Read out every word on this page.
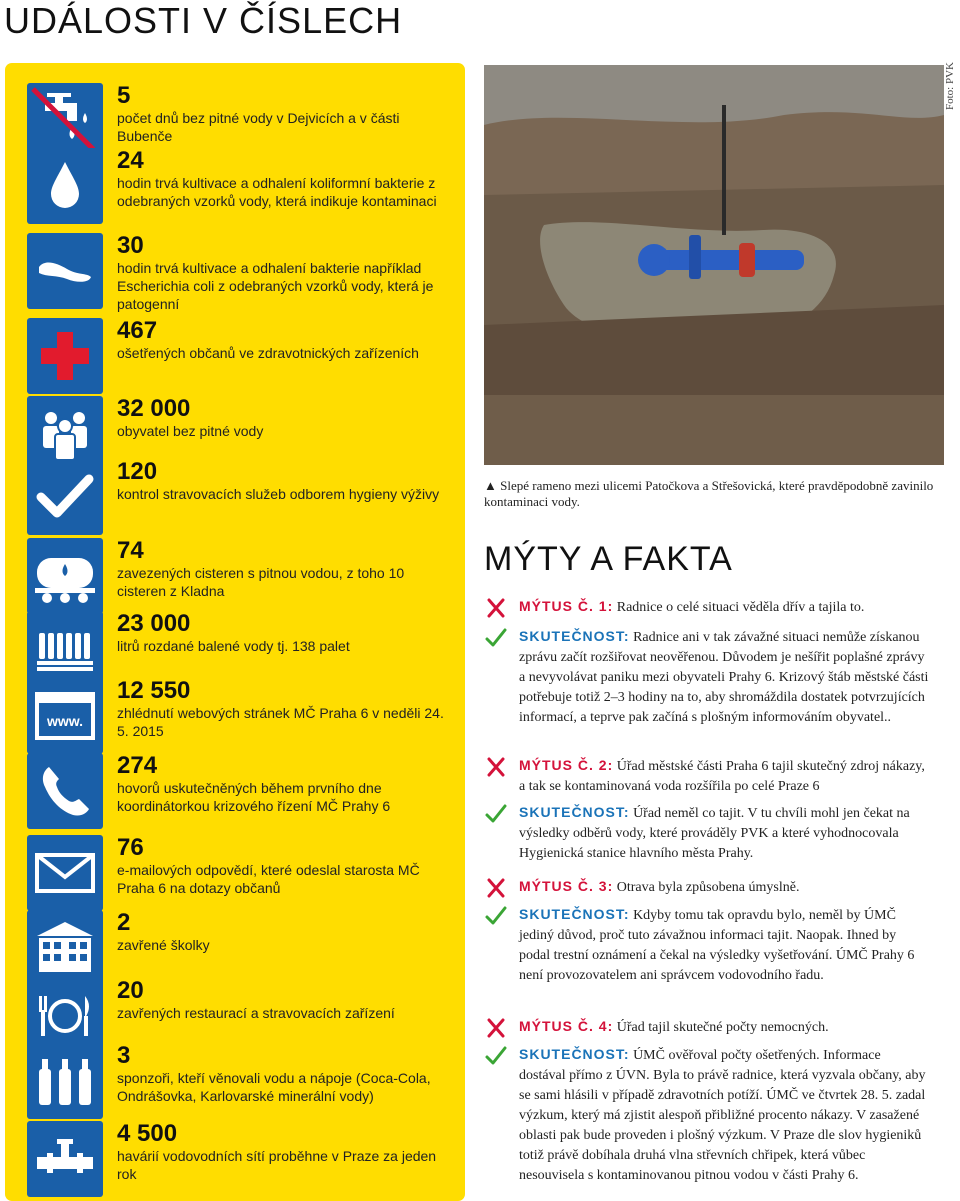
UDÁLOSTI V ČÍSLECH
5
počet dnů bez pitné vody v Dejvicích a v části Bubenče
24
hodin trvá kultivace a odhalení koliformní bakterie z odebraných vzorků vody, která indikuje kontaminaci
30
hodin trvá kultivace a odhalení bakterie například Escherichia coli z odebraných vzorků vody, která je patogenní
467
ošetřených občanů ve zdravotnických zařízeních
32 000
obyvatel bez pitné vody
120
kontrol stravovacích služeb odborem hygieny výživy
74
zavezených cisteren s pitnou vodou, z toho 10 cisteren z Kladna
23 000
litrů rozdané balené vody tj. 138 palet
www.
12 550
zhlédnutí webových stránek MČ Praha 6 v neděli 24. 5. 2015
274
hovorů uskutečněných během prvního dne koordinátorkou krizového řízení MČ Prahy 6
76
e-mailových odpovědí, které odeslal starosta MČ Praha 6 na dotazy občanů
2
zavřené školky
20
zavřených restaurací a stravovacích zařízení
3
sponzoři, kteří věnovali vodu a nápoje (Coca-Cola, Ondrášovka, Karlovarské minerální vody)
4 500
havárií vodovodních sítí proběhne v Praze za jeden rok
Foto: PVK
▲ Slepé rameno mezi ulicemi Patočkova a Střešovická, které pravděpodobně zavinilo kontaminaci vody.
MÝTY A FAKTA
MÝTUS Č. 1: Radnice o celé situaci věděla dřív a tajila to.
SKUTEČNOST: Radnice ani v tak závažné situaci nemůže získanou zprávu začít rozšiřovat neověřenou. Důvodem je nešířit poplašné zprávy a nevyvolávat paniku mezi obyvateli Prahy 6. Krizový štáb městské části potřebuje totiž 2–3 hodiny na to, aby shromáždila dostatek potvrzujících informací, a teprve pak začíná s plošným informováním obyvatel..
MÝTUS Č. 2: Úřad městské části Praha 6 tajil skutečný zdroj nákazy, a tak se kontaminovaná voda rozšířila po celé Praze 6
SKUTEČNOST: Úřad neměl co tajit. V tu chvíli mohl jen čekat na výsledky odběrů vody, které prováděly PVK a které vyhodnocovala Hygienická stanice hlavního města Prahy.
MÝTUS Č. 3: Otrava byla způsobena úmyslně.
SKUTEČNOST: Kdyby tomu tak opravdu bylo, neměl by ÚMČ jediný důvod, proč tuto závažnou informaci tajit. Naopak. Ihned by podal trestní oznámení a čekal na výsledky vyšetřování. ÚMČ Prahy 6 není provozovatelem ani správcem vodovodního řadu.
MÝTUS Č. 4: Úřad tajil skutečné počty nemocných.
SKUTEČNOST: ÚMČ ověřoval počty ošetřených. Informace dostával přímo z ÚVN. Byla to právě radnice, která vyzvala občany, aby se sami hlásili v případě zdravotních potíží. ÚMČ ve čtvrtek 28. 5. zadal výzkum, který má zjistit alespoň přibližné procento nákazy. V zasažené oblasti pak bude proveden i plošný výzkum. V Praze dle slov hygieniků totiž právě dobíhala druhá vlna střevních chřipek, která vůbec nesouvisela s kontaminovanou pitnou vodou v části Prahy 6.
